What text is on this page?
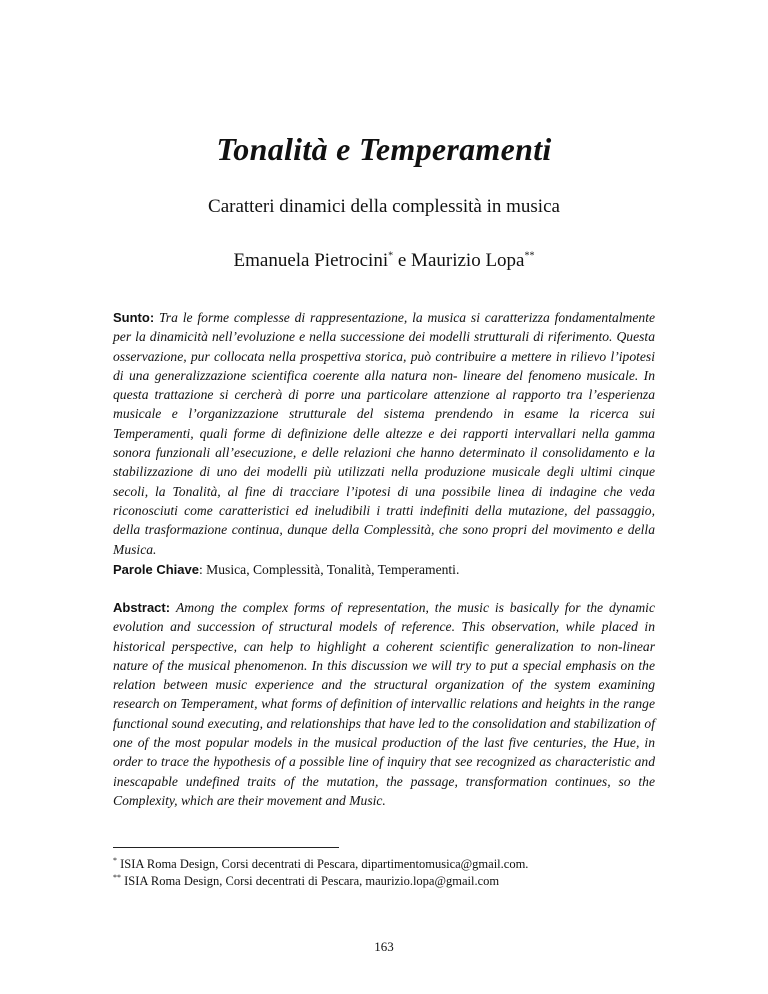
Tonalità e Temperamenti
Caratteri dinamici della complessità in musica
Emanuela Pietrocini* e Maurizio Lopa**
Sunto: Tra le forme complesse di rappresentazione, la musica si caratterizza fondamentalmente per la dinamicità nell’evoluzione e nella successione dei modelli strutturali di riferimento. Questa osservazione, pur collocata nella prospettiva storica, può contribuire a mettere in rilievo l’ipotesi di una generalizzazione scientifica coerente alla natura non- lineare del fenomeno musicale. In questa trattazione si cercherà di porre una particolare attenzione al rapporto tra l’esperienza musicale e l’organizzazione strutturale del sistema prendendo in esame la ricerca sui Temperamenti, quali forme di definizione delle altezze e dei rapporti intervallari nella gamma sonora funzionali all’esecuzione, e delle relazioni che hanno determinato il consolidamento e la stabilizzazione di uno dei modelli più utilizzati nella produzione musicale degli ultimi cinque secoli, la Tonalità, al fine di tracciare l’ipotesi di una possibile linea di indagine che veda riconosciuti come caratteristici ed ineludibili i tratti indefiniti della mutazione, del passaggio, della trasformazione continua, dunque della Complessità, che sono propri del movimento e della Musica.
Parole Chiave: Musica, Complessità, Tonalità, Temperamenti.
Abstract: Among the complex forms of representation, the music is basically for the dynamic evolution and succession of structural models of reference. This observation, while placed in historical perspective, can help to highlight a coherent scientific generalization to non-linear nature of the musical phenomenon. In this discussion we will try to put a special emphasis on the relation between music experience and the structural organization of the system examining research on Temperament, what forms of definition of intervallic relations and heights in the range functional sound executing, and relationships that have led to the consolidation and stabilization of one of the most popular models in the musical production of the last five centuries, the Hue, in order to trace the hypothesis of a possible line of inquiry that see recognized as characteristic and inescapable undefined traits of the mutation, the passage, transformation continues, so the Complexity, which are their movement and Music.
* ISIA Roma Design, Corsi decentrati di Pescara, dipartimentomusica@gmail.com.
** ISIA Roma Design, Corsi decentrati di Pescara, maurizio.lopa@gmail.com
163
